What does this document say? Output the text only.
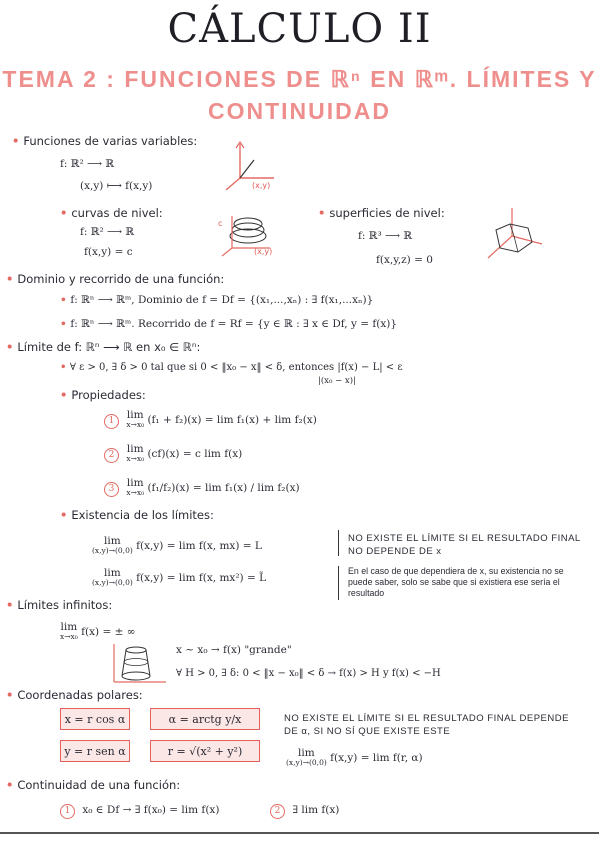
CÁLCULO II
TEMA 2 : FUNCIONES DE ℝⁿ EN ℝᵐ. LÍMITES Y
CONTINUIDAD
• Funciones de varias variables:
f: ℝ² ⟶ ℝ
(x,y) ⟼ f(x,y)	(x,y)
• curvas de nivel:
f: ℝ² ⟶ ℝ
f(x,y) = c
c
(x,y)
• superficies de nivel:
f: ℝ³ ⟶ ℝ
f(x,y,z) = 0
• Dominio y recorrido de una función:
• f: ℝⁿ ⟶ ℝᵐ, Dominio de f = Df = {(x₁,...,xₙ) : ∃ f(x₁,...xₙ)}
• f: ℝⁿ ⟶ ℝᵐ. Recorrido de f = Rf = {y ∈ ℝ : ∃ x ∈ Df, y = f(x)}
• Límite de f: ℝⁿ ⟶ ℝ en x₀ ∈ ℝⁿ:
• ∀ ε > 0, ∃ δ > 0 tal que si 0 < ‖x₀ − x‖ < δ, entonces |f(x) − L| < ε
|(x₀ − x)|
• Propiedades:
1 lim
x→x₀ (f₁ + f₂)(x) = lim f₁(x) + lim f₂(x)
2 lim
x→x₀ (cf)(x) = c lim f(x)
3 lim
x→x₀ (f₁/f₂)(x) = lim f₁(x) / lim f₂(x)
• Existencia de los límites:
lim
(x,y)→(0,0) f(x,y) = lim f(x, mx) = L
lim
(x,y)→(0,0) f(x,y) = lim f(x, mx²) = L̃
NO EXISTE EL LÍMITE SI EL RESULTADO FINAL NO DEPENDE DE x
En el caso de que dependiera de x, su existencia no se puede saber, solo se sabe que si existiera ese sería el resultado
• Límites infinitos:
lim
x→x₀ f(x) = ± ∞
x ~ x₀ → f(x) "grande"
∀ H > 0, ∃ δ: 0 < ‖x − x₀‖ < δ → f(x) > H y f(x) < −H
• Coordenadas polares:
x = r cos α	α = arctg y/x
y = r sen α	r = √(x² + y²)
NO EXISTE EL LÍMITE SI EL RESULTADO FINAL DEPENDE DE α, SI NO SÍ QUE EXISTE ESTE
lim
(x,y)→(0,0) f(x,y) = lim f(r, α)
• Continuidad de una función:
1 x₀ ∈ Df → ∃ f(x₀) = lim f(x)	2 ∃ lim f(x)
